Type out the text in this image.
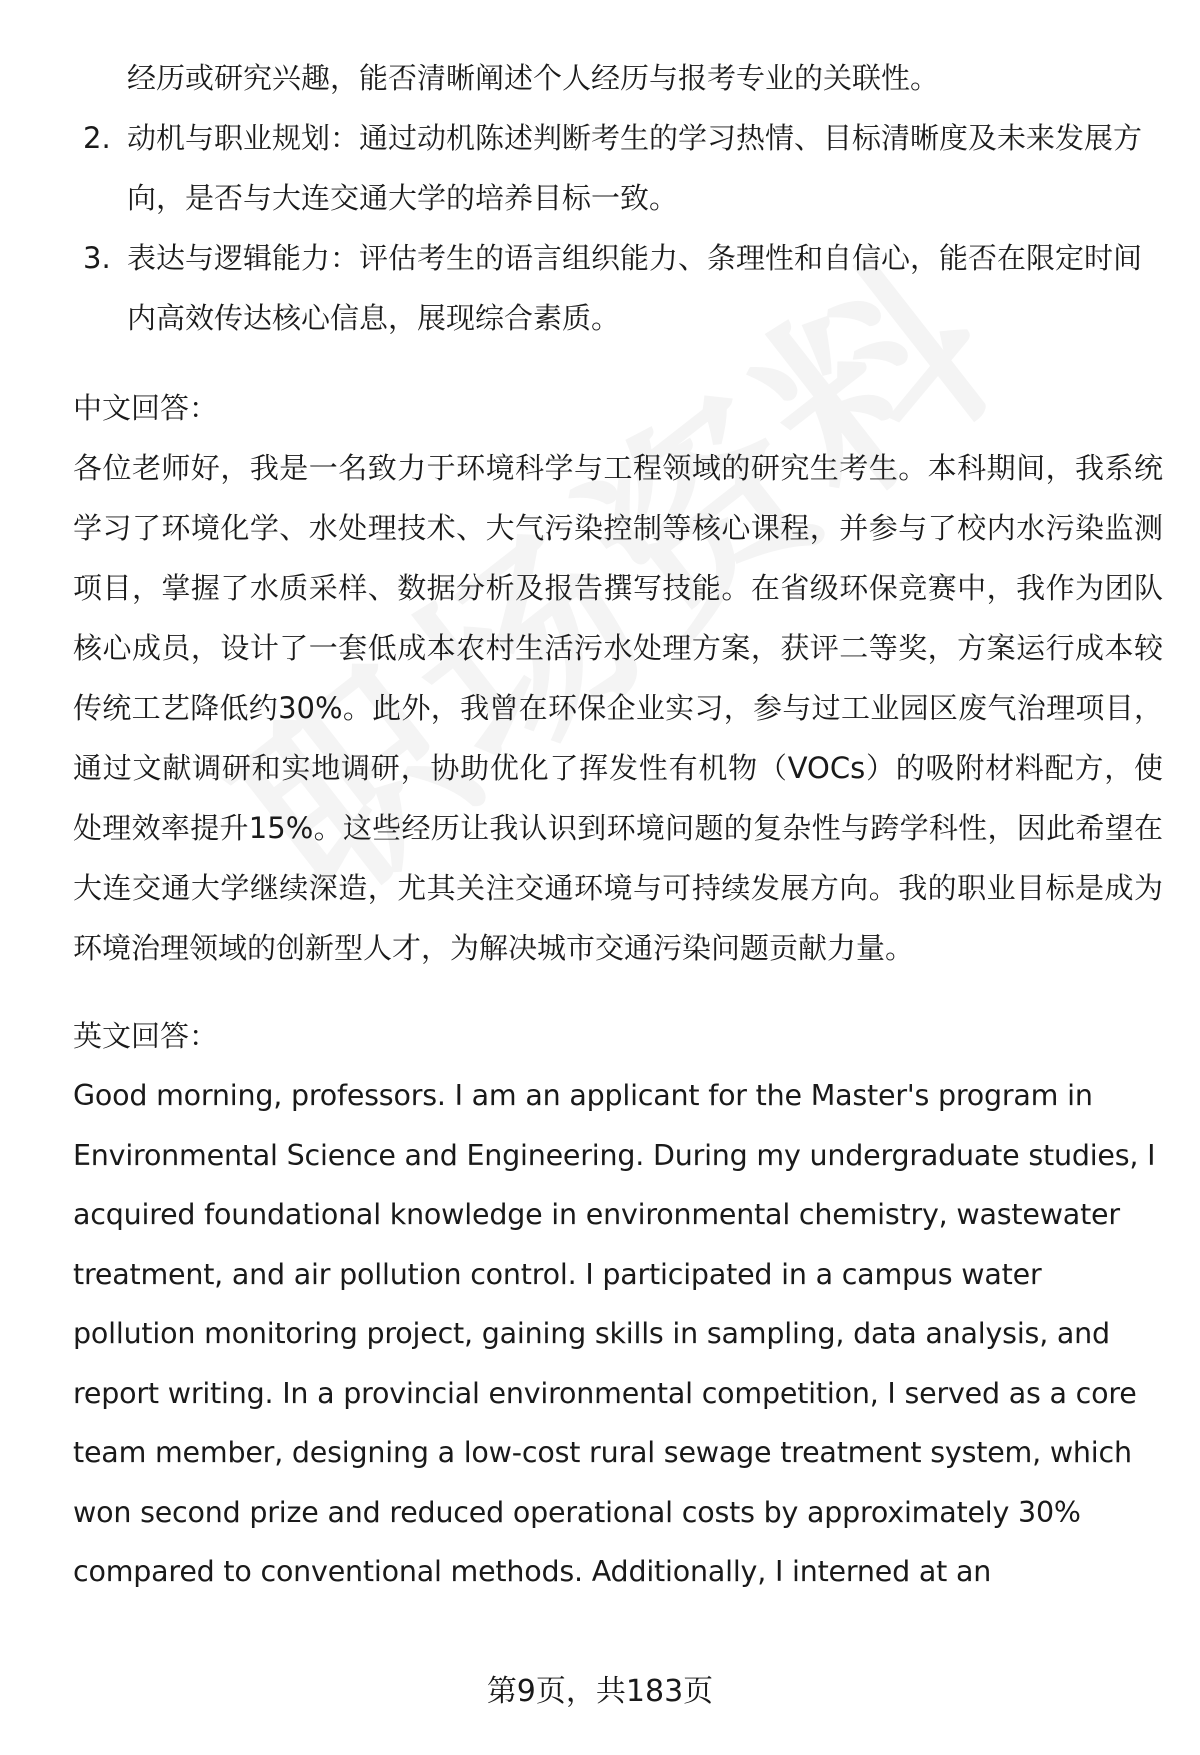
经历或研究兴趣，能否清晰阐述个人经历与报考专业的关联性。

2. 动机与职业规划：通过动机陈述判断考生的学习热情、目标清晰度及未来发展方向，是否与大连交通大学的培养目标一致。
3. 表达与逻辑能力：评估考生的语言组织能力、条理性和自信心，能否在限定时间内高效传达核心信息，展现综合素质。
中文回答：

各位老师好，我是一名致力于环境科学与工程领域的研究生考生。本科期间，我系统学习了环境化学、水处理技术、大气污染控制等核心课程，并参与了校内水污染监测项目，掌握了水质采样、数据分析及报告撰写技能。在省级环保竞赛中，我作为团队核心成员，设计了一套低成本农村生活污水处理方案，获评二等奖，方案运行成本较传统工艺降低约30%。此外，我曾在环保企业实习，参与过工业园区废气治理项目，通过文献调研和实地调研，协助优化了挥发性有机物（VOCs）的吸附材料配方，使处理效率提升15%。这些经历让我认识到环境问题的复杂性与跨学科性，因此希望在大连交通大学继续深造，尤其关注交通环境与可持续发展方向。我的职业目标是成为环境治理领域的创新型人才，为解决城市交通污染问题贡献力量。

英文回答：
Good morning, professors. I am an applicant for the Master's program in
Environmental Science and Engineering. During my undergraduate studies, I
acquired foundational knowledge in environmental chemistry, wastewater
treatment, and air pollution control. I participated in a campus water
pollution monitoring project, gaining skills in sampling, data analysis, and
report writing. In a provincial environmental competition, I served as a core
team member, designing a low-cost rural sewage treatment system, which
won second prize and reduced operational costs by approximately 30%
compared to conventional methods. Additionally, I interned at an
第9页，共183页
